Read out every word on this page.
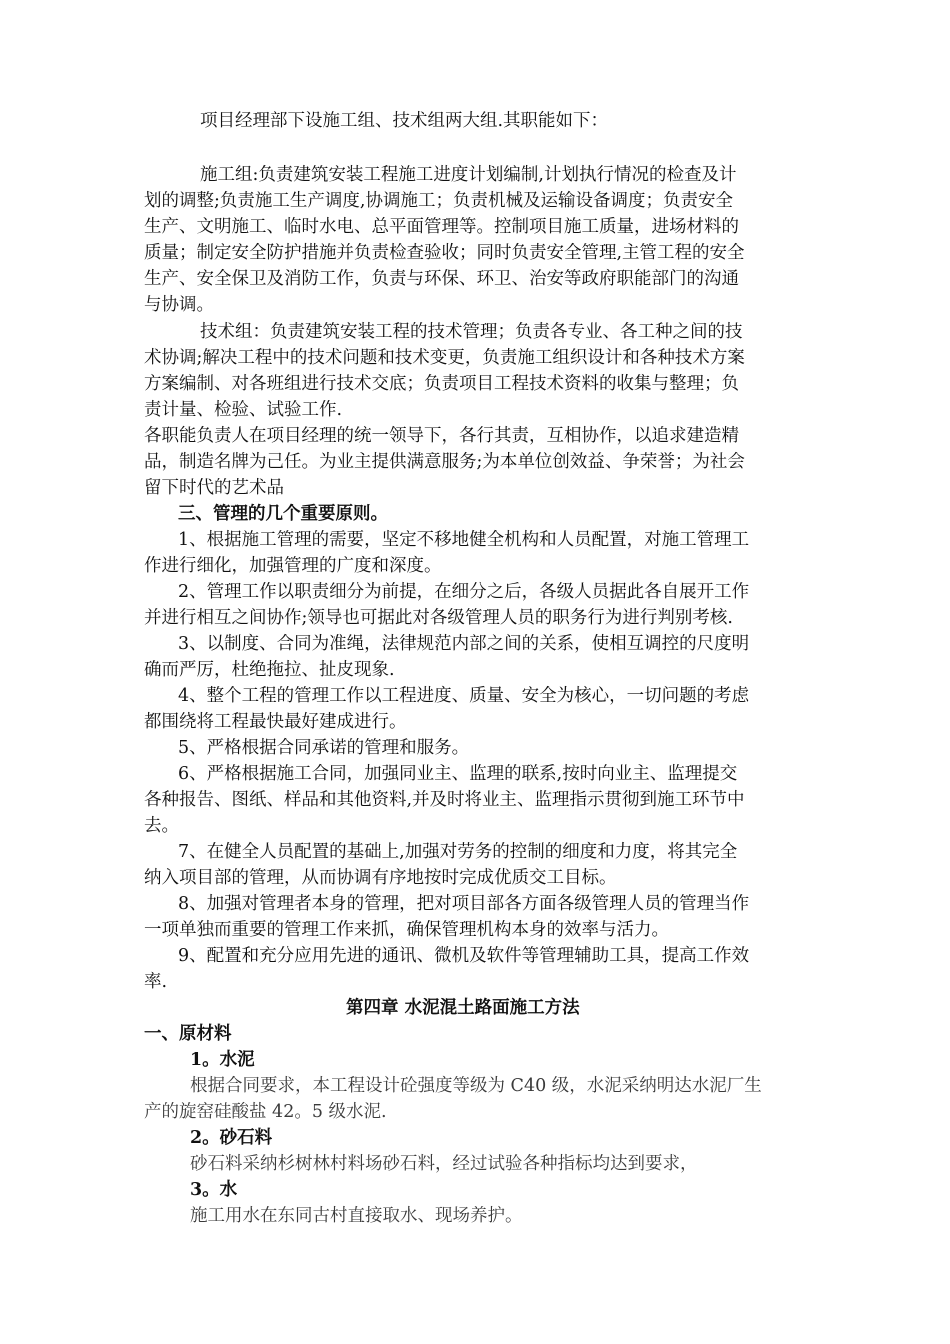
项目经理部下设施工组、技术组两大组.其职能如下：
施工组:负责建筑安装工程施工进度计划编制,计划执行情况的检查及计
划的调整;负责施工生产调度,协调施工；负责机械及运输设备调度；负责安全
生产、文明施工、临时水电、总平面管理等。控制项目施工质量，进场材料的
质量；制定安全防护措施并负责检查验收；同时负责安全管理,主管工程的安全
生产、安全保卫及消防工作，负责与环保、环卫、治安等政府职能部门的沟通
与协调。
技术组：负责建筑安装工程的技术管理；负责各专业、各工种之间的技
术协调;解决工程中的技术问题和技术变更，负责施工组织设计和各种技术方案
方案编制、对各班组进行技术交底；负责项目工程技术资料的收集与整理；负
责计量、检验、试验工作.
各职能负责人在项目经理的统一领导下，各行其责，互相协作，以追求建造精
品，制造名牌为己任。为业主提供满意服务;为本单位创效益、争荣誉；为社会
留下时代的艺术品
三、管理的几个重要原则。
1、根据施工管理的需要，坚定不移地健全机构和人员配置，对施工管理工
作进行细化，加强管理的广度和深度。
2、管理工作以职责细分为前提，在细分之后，各级人员据此各自展开工作
并进行相互之间协作;领导也可据此对各级管理人员的职务行为进行判别考核.
3、以制度、合同为准绳，法律规范内部之间的关系，使相互调控的尺度明
确而严厉，杜绝拖拉、扯皮现象.
4、整个工程的管理工作以工程进度、质量、安全为核心，一切问题的考虑
都围绕将工程最快最好建成进行。
5、严格根据合同承诺的管理和服务。
6、严格根据施工合同，加强同业主、监理的联系,按时向业主、监理提交
各种报告、图纸、样品和其他资料,并及时将业主、监理指示贯彻到施工环节中
去。
7、在健全人员配置的基础上,加强对劳务的控制的细度和力度，将其完全
纳入项目部的管理，从而协调有序地按时完成优质交工目标。
8、加强对管理者本身的管理，把对项目部各方面各级管理人员的管理当作
一项单独而重要的管理工作来抓，确保管理机构本身的效率与活力。
9、配置和充分应用先进的通讯、微机及软件等管理辅助工具，提高工作效
率.
第四章 水泥混土路面施工方法
一、原材料
1。水泥
根据合同要求，本工程设计砼强度等级为 C40 级，水泥采纳明达水泥厂生
产的旋窑硅酸盐 42。5 级水泥.
2。砂石料
砂石料采纳杉树林村料场砂石料，经过试验各种指标均达到要求，
3。水
施工用水在东同古村直接取水、现场养护。
